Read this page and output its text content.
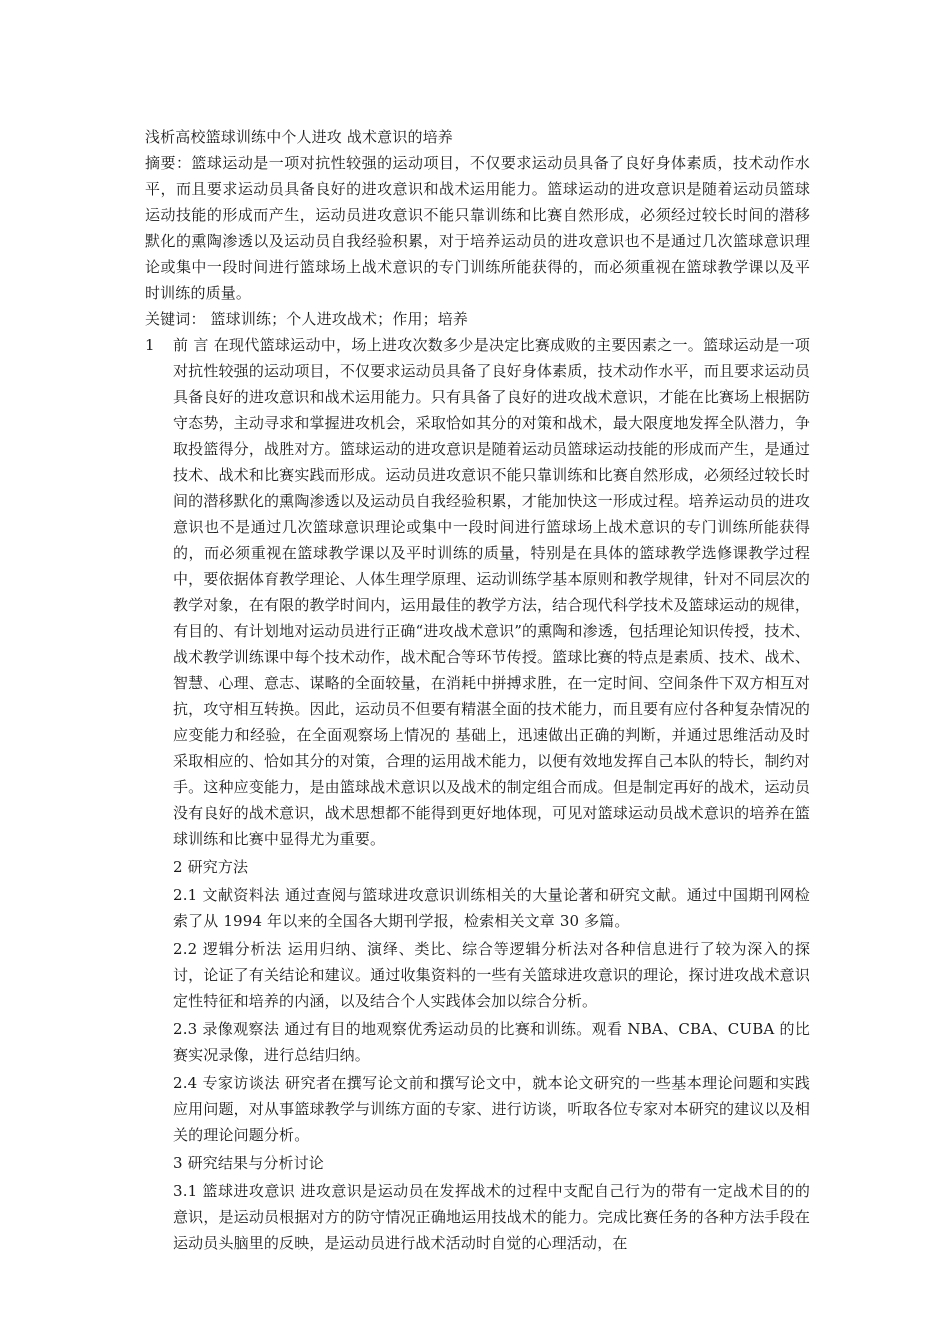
浅析高校篮球训练中个人进攻 战术意识的培养

摘要：篮球运动是一项对抗性较强的运动项目，不仅要求运动员具备了良好身体素质，技术动作水平，而且要求运动员具备良好的进攻意识和战术运用能力。篮球运动的进攻意识是随着运动员篮球运动技能的形成而产生，运动员进攻意识不能只靠训练和比赛自然形成，必须经过较长时间的潜移默化的熏陶渗透以及运动员自我经验积累，对于培养运动员的进攻意识也不是通过几次篮球意识理论或集中一段时间进行篮球场上战术意识的专门训练所能获得的，而必须重视在篮球教学课以及平时训练的质量。

关键词： 篮球训练；个人进攻战术；作用；培养

1	前 言 在现代篮球运动中，场上进攻次数多少是决定比赛成败的主要因素之一。篮球运动是一项对抗性较强的运动项目，不仅要求运动员具备了良好身体素质，技术动作水平，而且要求运动员具备良好的进攻意识和战术运用能力。只有具备了良好的进攻战术意识，才能在比赛场上根据防守态势，主动寻求和掌握进攻机会，采取恰如其分的对策和战术，最大限度地发挥全队潜力，争取投篮得分，战胜对方。篮球运动的进攻意识是随着运动员篮球运动技能的形成而产生，是通过技术、战术和比赛实践而形成。运动员进攻意识不能只靠训练和比赛自然形成，必须经过较长时间的潜移默化的熏陶渗透以及运动员自我经验积累，才能加快这一形成过程。培养运动员的进攻意识也不是通过几次篮球意识理论或集中一段时间进行篮球场上战术意识的专门训练所能获得的，而必须重视在篮球教学课以及平时训练的质量，特别是在具体的篮球教学选修课教学过程中，要依据体育教学理论、人体生理学原理、运动训练学基本原则和教学规律，针对不同层次的教学对象，在有限的教学时间内，运用最佳的教学方法，结合现代科学技术及篮球运动的规律，有目的、有计划地对运动员进行正确“进攻战术意识”的熏陶和渗透，包括理论知识传授，技术、战术教学训练课中每个技术动作，战术配合等环节传授。篮球比赛的特点是素质、技术、战术、智慧、心理、意志、谋略的全面较量，在消耗中拼搏求胜，在一定时间、空间条件下双方相互对抗，攻守相互转换。因此，运动员不但要有精湛全面的技术能力，而且要有应付各种复杂情况的应变能力和经验，在全面观察场上情况的 基础上，迅速做出正确的判断，并通过思维活动及时采取相应的、恰如其分的对策，合理的运用战术能力，以便有效地发挥自己本队的特长，制约对手。这种应变能力，是由篮球战术意识以及战术的制定组合而成。但是制定再好的战术，运动员没有良好的战术意识，战术思想都不能得到更好地体现，可见对篮球运动员战术意识的培养在篮球训练和比赛中显得尤为重要。

2 研究方法

2.1 文献资料法 通过查阅与篮球进攻意识训练相关的大量论著和研究文献。通过中国期刊网检索了从 1994 年以来的全国各大期刊学报，检索相关文章 30 多篇。

2.2 逻辑分析法 运用归纳、演绎、类比、综合等逻辑分析法对各种信息进行了较为深入的探讨，论证了有关结论和建议。通过收集资料的一些有关篮球进攻意识的理论，探讨进攻战术意识定性特征和培养的内涵，以及结合个人实践体会加以综合分析。

2.3 录像观察法 通过有目的地观察优秀运动员的比赛和训练。观看 NBA、CBA、CUBA 的比赛实况录像，进行总结归纳。

2.4 专家访谈法 研究者在撰写论文前和撰写论文中，就本论文研究的一些基本理论问题和实践应用问题，对从事篮球教学与训练方面的专家、进行访谈，听取各位专家对本研究的建议以及相关的理论问题分析。

3 研究结果与分析讨论

3.1 篮球进攻意识 进攻意识是运动员在发挥战术的过程中支配自己行为的带有一定战术目的的意识，是运动员根据对方的防守情况正确地运用技战术的能力。完成比赛任务的各种方法手段在运动员头脑里的反映，是运动员进行战术活动时自觉的心理活动，在
